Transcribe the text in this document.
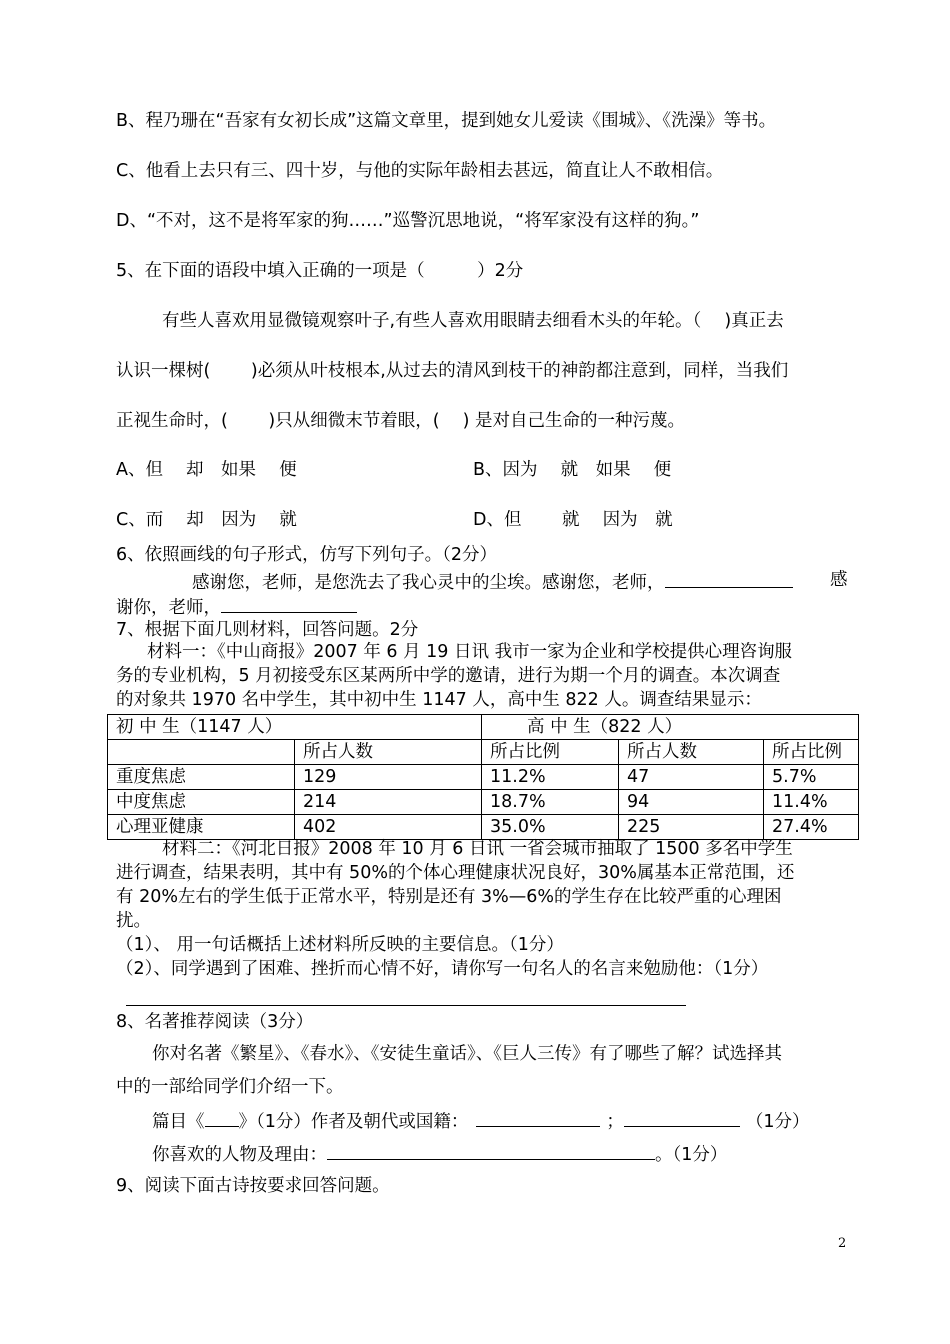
B、程乃珊在“吾家有女初长成”这篇文章里，提到她女儿爱读《围城》、《洗澡》等书。
C、他看上去只有三、四十岁，与他的实际年龄相去甚远，简直让人不敢相信。
D、“不对，这不是将军家的狗……”巡警沉思地说，“将军家没有这样的狗。”
5、在下面的语段中填入正确的一项是（　　　）2分
有些人喜欢用显微镜观察叶子,有些人喜欢用眼睛去细看木头的年轮。（　 )真正去
认识一棵树(　　 )必须从叶枝根本,从过去的清风到枝干的神韵都注意到，同样，当我们
正视生命时，(　　 )只从细微末节着眼，(　 ) 是对自己生命的一种污蔑。
A、但　 却　如果　 便	B、因为　 就　如果　 便
C、而　 却　因为　 就	D、但　　 就　 因为　就
6、依照画线的句子形式，仿写下列句子。（2分）
感谢您，老师，是您洗去了我心灵中的尘埃。感谢您，老师，	感
谢你，老师，
7、根据下面几则材料，回答问题。2分
材料一：《中山商报》2007 年 6 月 19 日讯 我市一家为企业和学校提供心理咨询服
务的专业机构，5 月初接受东区某两所中学的邀请，进行为期一个月的调查。本次调查
的对象共 1970 名中学生，其中初中生 1147 人，高中生 822 人。调查结果显示：
初 中 生（1147 人）		高 中 生（822 人）		
	所占人数	所占比例	所占人数	所占比例
重度焦虑	129	11.2%	47	5.7%
中度焦虑	214	18.7%	94	11.4%
心理亚健康	402	35.0%	225	27.4%
材料二：《河北日报》2008 年 10 月 6 日讯 一省会城市抽取了 1500 多名中学生
进行调查，结果表明，其中有 50%的个体心理健康状况良好，30%属基本正常范围，还
有 20%左右的学生低于正常水平，特别是还有 3%—6%的学生存在比较严重的心理困
扰。
（1）、 用一句话概括上述材料所反映的主要信息。（1分）
（2）、同学遇到了困难、挫折而心情不好，请你写一句名人的名言来勉励他：（1分）
8、名著推荐阅读（3分）
你对名著《繁星》、《春水》、《安徒生童话》、《巨人三传》有了哪些了解？试选择其
中的一部给同学们介绍一下。
篇目《 》（1分）作者及朝代或国籍：	；	（1分）
你喜欢的人物及理由：	。（1分）
9、阅读下面古诗按要求回答问题。
2
